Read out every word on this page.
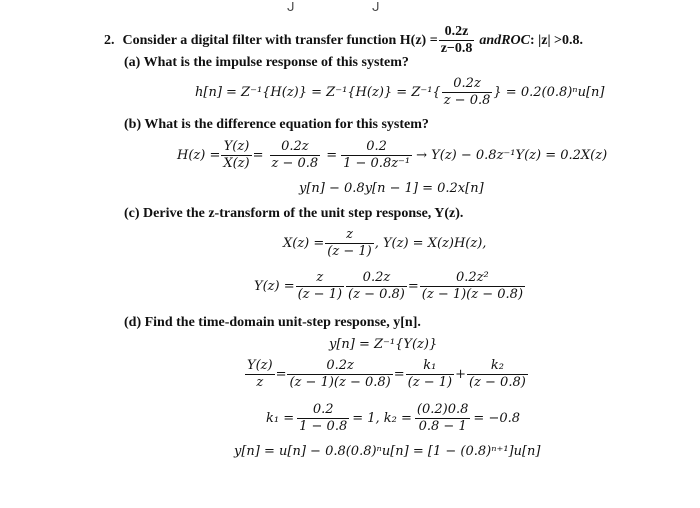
ᒍ	ᒍ
2. Consider a digital filter with transfer function $H(z) = \frac{0.2z}{z-0.8}$ and ROC : |z| >0.8.
(a) What is the impulse response of this system?
$h[n] = Z^{-1}\{H(z)\} = Z^{-1}\{H(z)\} = Z^{-1}\{ \frac{0.2z}{z - 0.8}$ } = 0.2(0.8)ⁿu[n]
(b) What is the difference equation for this system?
$H(z) = \frac{Y(z)}{X(z)} = \frac{0.2z}{z - 0.8} = \frac{0.2}{\text{1 − 0.8z⁻¹}} \to Y(z) - 0.8z^{-1}Y(z) = 0.2X(z)$
y[n] − 0.8y[n − 1] = 0.2x[n]
(c) Derive the z-transform of the unit step response, Y(z).
$X(z) = \frac{z}{(z - 1)}$ , Y(z) = X(z)H(z),
$Y(z) = \frac{z}{(z - 1)} \frac{0.2z}{(z - 0.8)} = \frac{\text{0.2z²}}{(z - 1)(z - 0.8)}$
(d) Find the time-domain unit-step response, y[n].
y[n] = Z⁻¹{Y(z)}
$\frac{Y(z)}{z} = \frac{0.2z}{(z - 1)(z - 0.8)} = \frac{\text{k₁}}{(z - 1)} + \frac{\text{k₂}}{(z - 0.8)}$
$k_1 = \frac{0.2}{1 - 0.8} = 1$, $k_2 = \frac{(0.2)0.8}{0.8 - 1} = -0.8$
y[n] = u[n] − 0.8(0.8)ⁿu[n] = [1 − (0.8)ⁿ⁺¹]u[n]
